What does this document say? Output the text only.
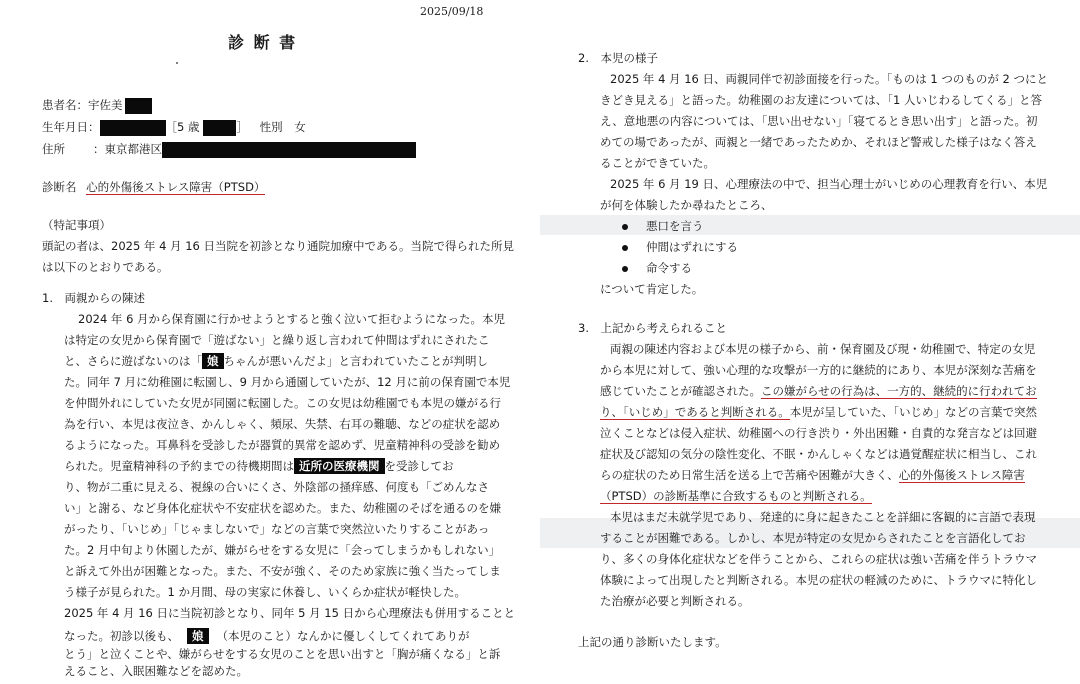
2025/09/18
診 断 書
患者名：宇佐美
生年月日：	［5 歳	］ 性別 女
住所 ：東京都港区
診断名 心的外傷後ストレス障害（PTSD）
（特記事項）
頭記の者は、2025 年 4 月 16 日当院を初診となり通院加療中である。当院で得られた所見
は以下のとおりである。
1.　両親からの陳述
2024 年 6 月から保育園に行かせようとすると強く泣いて拒むようになった。本児
は特定の女児から保育園で「遊ばない」と繰り返し言われて仲間はずれにされたこ
と、さらに遊ばないのは「 娘 ちゃんが悪いんだよ」と言われていたことが判明し
た。同年 7 月に幼稚園に転園し、9 月から通園していたが、12 月に前の保育園で本児
を仲間外れにしていた女児が同園に転園した。この女児は幼稚園でも本児の嫌がる行
為を行い、本児は夜泣き、かんしゃく、頻尿、失禁、右耳の難聴、などの症状を認め
るようになった。耳鼻科を受診したが器質的異常を認めず、児童精神科の受診を勧め
られた。児童精神科の予約までの待機期間は 近所の医療機関 を受診してお
り、物が二重に見える、視線の合いにくさ、外陰部の掻痒感、何度も「ごめんなさ
い」と謝る、など身体化症状や不安症状を認めた。また、幼稚園のそばを通るのを嫌
がったり、「いじめ」「じゃましないで」などの言葉で突然泣いたりすることがあっ
た。2 月中旬より休園したが、嫌がらせをする女児に「会ってしまうかもしれない」
と訴えて外出が困難となった。また、不安が強く、そのため家族に強く当たってしま
う様子が見られた。1 か月間、母の実家に休養し、いくらか症状が軽快した。
2025 年 4 月 16 日に当院初診となり、同年 5 月 15 日から心理療法も併用することと
なった。初診以後も、 娘 （本児のこと）なんかに優しくしてくれてありが
とう」と泣くことや、嫌がらせをする女児のことを思い出すと「胸が痛くなる」と訴
えること、入眠困難などを認めた。
2.　本児の様子
2025 年 4 月 16 日、両親同伴で初診面接を行った。「ものは 1 つのものが 2 つにと
きどき見える」と語った。幼稚園のお友達については、「1 人いじわるしてくる」と答
え、意地悪の内容については、「思い出せない」「寝てるとき思い出す」と語った。初
めての場であったが、両親と一緒であったためか、それほど警戒した様子はなく答え
ることができていた。
2025 年 6 月 19 日、心理療法の中で、担当心理士がいじめの心理教育を行い、本児
が何を体験したか尋ねたところ、
悪口を言う
仲間はずれにする
命令する
について肯定した。
3.　上記から考えられること
両親の陳述内容および本児の様子から、前・保育園及び現・幼稚園で、特定の女児
から本児に対して、強い心理的な攻撃が一方的に継続的にあり、本児が深刻な苦痛を
感じていたことが確認された。この嫌がらせの行為は、一方的、継続的に行われてお
り、「いじめ」であると判断される。本児が呈していた、「いじめ」などの言葉で突然
泣くことなどは侵入症状、幼稚園への行き渋り・外出困難・自責的な発言などは回避
症状及び認知の気分の陰性変化、不眠・かんしゃくなどは過覚醒症状に相当し、これ
らの症状のため日常生活を送る上で苦痛や困難が大きく、心的外傷後ストレス障害
（PTSD）の診断基準に合致するものと判断される。
本児はまだ未就学児であり、発達的に身に起きたことを詳細に客観的に言語で表現
することが困難である。しかし、本児が特定の女児からされたことを言語化してお
り、多くの身体化症状などを伴うことから、これらの症状は強い苦痛を伴うトラウマ
体験によって出現したと判断される。本児の症状の軽減のために、トラウマに特化し
た治療が必要と判断される。
上記の通り診断いたします。
